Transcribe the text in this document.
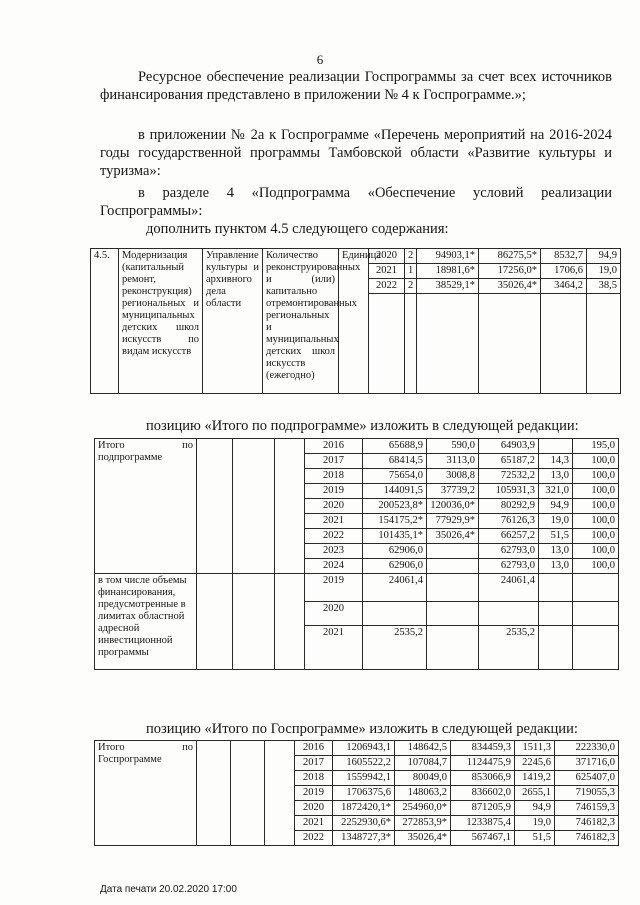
6
Ресурсное обеспечение реализации Госпрограммы за счет всех источников финансирования представлено в приложении № 4 к Госпрограмме.»;
в приложении № 2а к Госпрограмме «Перечень мероприятий на 2016-2024 годы государственной программы Тамбовской области «Развитие культуры и туризма»:
в разделе 4 «Подпрограмма «Обеспечение условий реализации Госпрограммы»:
дополнить пунктом 4.5 следующего содержания:
4.5.	Модернизация (капитальный ремонт, реконструкция) региональных и муниципальных детских школ искусств по видам искусств	Управление культуры и архивного дела области	Количество реконструированных и (или) капитально отремонтированных региональных и муниципальных детских школ искусств (ежегодно)	Единица	2020	2	94903,1*	86275,5*	8532,7	94,9
					2021	1	18981,6*	17256,0*	1706,6	19,0
					2022	2	38529,1*	35026,4*	3464,2	38,5

позицию «Итого по подпрограмме» изложить в следующей редакции:
Итого по
подпрограмме				2016	65688,9	590,0	64903,9		195,0
				2017	68414,5	3113,0	65187,2	14,3	100,0
				2018	75654,0	3008,8	72532,2	13,0	100,0
				2019	144091,5	37739,2	105931,3	321,0	100,0
				2020	200523,8*	120036,0*	80292,9	94,9	100,0
				2021	154175,2*	77929,9*	76126,3	19,0	100,0
				2022	101435,1*	35026,4*	66257,2	51,5	100,0
				2023	62906,0		62793,0	13,0	100,0
				2024	62906,0		62793,0	13,0	100,0
в том числе объемы финансирования, предусмотренные в лимитах областной адресной инвестиционной программы				2019	24061,4		24061,4		
				2020					
				2021	2535,2		2535,2		
позицию «Итого по Госпрограмме» изложить в следующей редакции:
Итого по
Госпрограмме				2016	1206943,1	148642,5	834459,3	1511,3	222330,0
				2017	1605522,2	107084,7	1124475,9	2245,6	371716,0
				2018	1559942,1	80049,0	853066,9	1419,2	625407,0
				2019	1706375,6	148063,2	836602,0	2655,1	719055,3
				2020	1872420,1*	254960,0*	871205,9	94,9	746159,3
				2021	2252930,6*	272853,9*	1233875,4	19,0	746182,3
				2022	1348727,3*	35026,4*	567467,1	51,5	746182,3
Дата печати 20.02.2020 17:00
